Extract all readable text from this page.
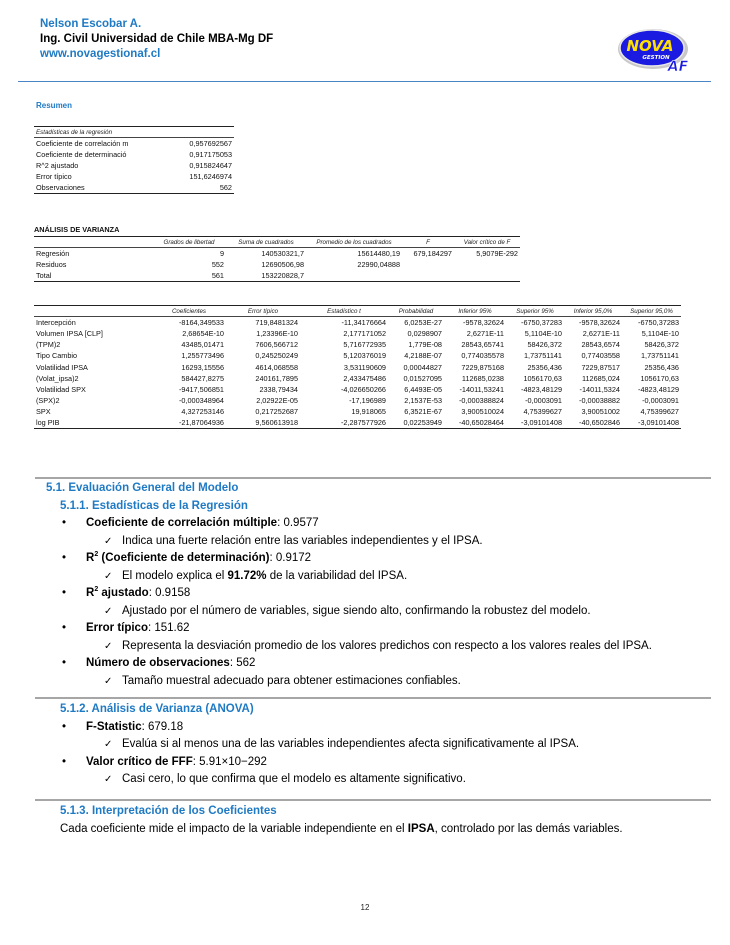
Nelson Escobar A.
Ing. Civil Universidad de Chile MBA-Mg DF
www.novagestionaf.cl	NOVA
GESTION
AF
Resumen
Estadísticas de la regresión	
Coeficiente de correlación m	0,957692567
Coeficiente de determinació	0,917175053
R^2 ajustado	0,915824647
Error típico	151,6246974
Observaciones	562
ANÁLISIS DE VARIANZA
	Grados de libertad	Suma de cuadrados	Promedio de los cuadrados	F	Valor crítico de F
Regresión	9	140530321,7	15614480,19	679,184297	5,9079E-292
Residuos	552	12690506,98	22990,04888		
Total	561	153220828,7			
	Coeficientes	Error típico	Estadístico t	Probabilidad	Inferior 95%	Superior 95%	Inferior 95,0%	Superior 95,0%
Intercepción	-8164,349533	719,8481324	-11,34176664	6,0253E-27	-9578,32624	-6750,37283	-9578,32624	-6750,37283
Volumen IPSA [CLP]	2,68654E-10	1,23396E-10	2,177171052	0,0298907	2,6271E-11	5,1104E-10	2,6271E-11	5,1104E-10
(TPM)2	43485,01471	7606,566712	5,716772935	1,779E-08	28543,65741	58426,372	28543,6574	58426,372
Tipo Cambio	1,255773496	0,245250249	5,120376019	4,2188E-07	0,774035578	1,73751141	0,77403558	1,73751141
Volatilidad IPSA	16293,15556	4614,068558	3,531190609	0,00044827	7229,875168	25356,436	7229,87517	25356,436
(Volat_ipsa)2	584427,8275	240161,7895	2,433475486	0,01527095	112685,0238	1056170,63	112685,024	1056170,63
Volatilidad SPX	-9417,506851	2338,79434	-4,026650266	6,4493E-05	-14011,53241	-4823,48129	-14011,5324	-4823,48129
(SPX)2	-0,000348964	2,02922E-05	-17,196989	2,1537E-53	-0,000388824	-0,0003091	-0,00038882	-0,0003091
SPX	4,327253146	0,217252687	19,918065	6,3521E-67	3,900510024	4,75399627	3,90051002	4,75399627
log PIB	-21,87064936	9,560613918	-2,287577926	0,02253949	-40,65028464	-3,09101408	-40,6502846	-3,09101408
5.1. Evaluación General del Modelo
5.1.1. Estadísticas de la Regresión
• Coeficiente de correlación múltiple: 0.9577
✓ Indica una fuerte relación entre las variables independientes y el IPSA.
• $R^2$ (Coeficiente de determinación): 0.9172
✓ El modelo explica el 91.72% de la variabilidad del IPSA.
• $R^2$ ajustado: 0.9158
✓ Ajustado por el número de variables, sigue siendo alto, confirmando la robustez del modelo.
• Error típico: 151.62
✓ Representa la desviación promedio de los valores predichos con respecto a los valores reales del IPSA.
• Número de observaciones: 562
✓ Tamaño muestral adecuado para obtener estimaciones confiables.
5.1.2. Análisis de Varianza (ANOVA)
• F-Statistic: 679.18
✓ Evalúa si al menos una de las variables independientes afecta significativamente al IPSA.
• Valor crítico de FFF: 5.91×10−292
✓ Casi cero, lo que confirma que el modelo es altamente significativo.
5.1.3. Interpretación de los Coeficientes
Cada coeficiente mide el impacto de la variable independiente en el IPSA, controlado por las demás variables.
12
